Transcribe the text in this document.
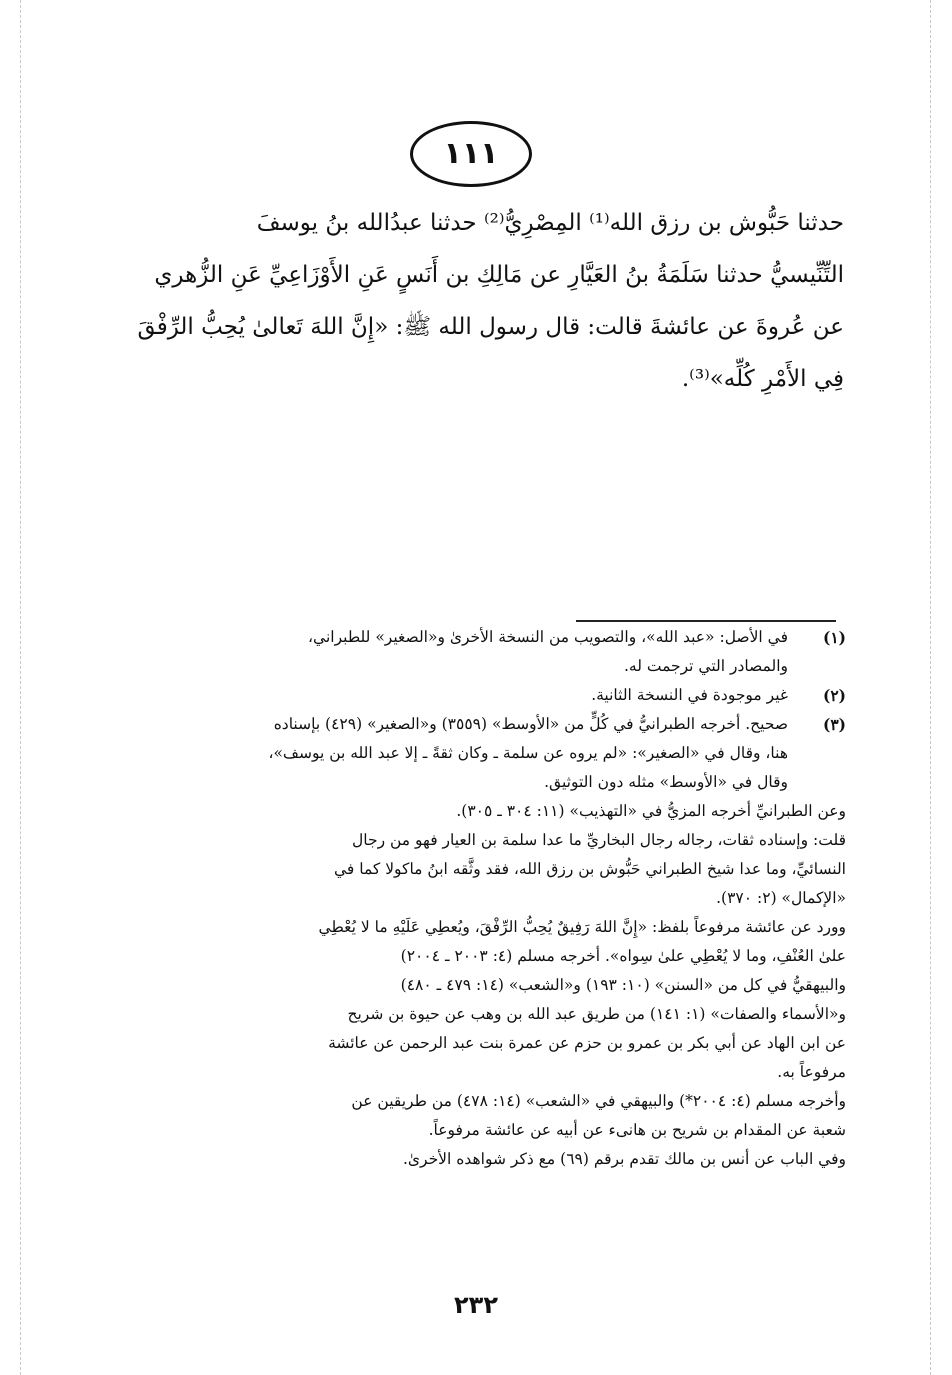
١١١
حدثنا حَبُّوش بن رزق الله⁽¹⁾ المِصْرِيُّ⁽²⁾ حدثنا عبدُالله بنُ يوسفَ
التِّنِّيسيُّ حدثنا سَلَمَةُ بنُ العَيَّارِ عن مَالِكِ بن أَنَسٍ عَنِ الأَوْزَاعِيِّ عَنِ الزُّهري
عن عُروةَ عن عائشةَ قالت: قال رسول الله ﷺ: «إِنَّ اللهَ تَعالىٰ يُحِبُّ الرِّفْقَ
فِي الأَمْرِ كُلِّه»⁽³⁾.
(١)
في الأصل: «عبد الله»، والتصويب من النسخة الأخرىٰ و«الصغير» للطبراني،
والمصادر التي ترجمت له.
(٢)
غير موجودة في النسخة الثانية.
(٣)
صحيح. أخرجه الطبرانيُّ في كُلٍّ من «الأوسط» (٣٥٥٩) و«الصغير» (٤٢٩) بإسناده
هنا، وقال في «الصغير»: «لم يروه عن سلمة ـ وكان ثقةً ـ إلا عبد الله بن يوسف»،
وقال في «الأوسط» مثله دون التوثيق.
وعن الطبرانيِّ أخرجه المزيُّ في «التهذيب» (١١: ٣٠٤ ـ ٣٠٥).
قلت: وإسناده ثقات، رجاله رجال البخاريِّ ما عدا سلمة بن العيار فهو من رجال
النسائيِّ، وما عدا شيخ الطبراني حَبُّوش بن رزق الله، فقد وثَّقه ابنُ ماكولا كما في
«الإكمال» (٢: ٣٧٠).
وورد عن عائشة مرفوعاً بلفظ: «إِنَّ اللهَ رَفِيقٌ يُحِبُّ الرِّفْقَ، ويُعطِي عَلَيْهِ ما لا يُعْطِي
علىٰ العُنْفِ، وما لا يُعْطِي علىٰ سِواه». أخرجه مسلم (٤: ٢٠٠٣ ـ ٢٠٠٤)
والبيهقيُّ في كل من «السنن» (١٠: ١٩٣) و«الشعب» (١٤: ٤٧٩ ـ ٤٨٠)
و«الأسماء والصفات» (١: ١٤١) من طريق عبد الله بن وهب عن حيوة بن شريح
عن ابن الهاد عن أبي بكر بن عمرو بن حزم عن عمرة بنت عبد الرحمن عن عائشة
مرفوعاً به.
وأخرجه مسلم (٤: ٢٠٠٤*) والبيهقي في «الشعب» (١٤: ٤٧٨) من طريقين عن
شعبة عن المقدام بن شريح بن هانىء عن أبيه عن عائشة مرفوعاً.
وفي الباب عن أنس بن مالك تقدم برقم (٦٩) مع ذكر شواهده الأخرىٰ.
٢٣٢
